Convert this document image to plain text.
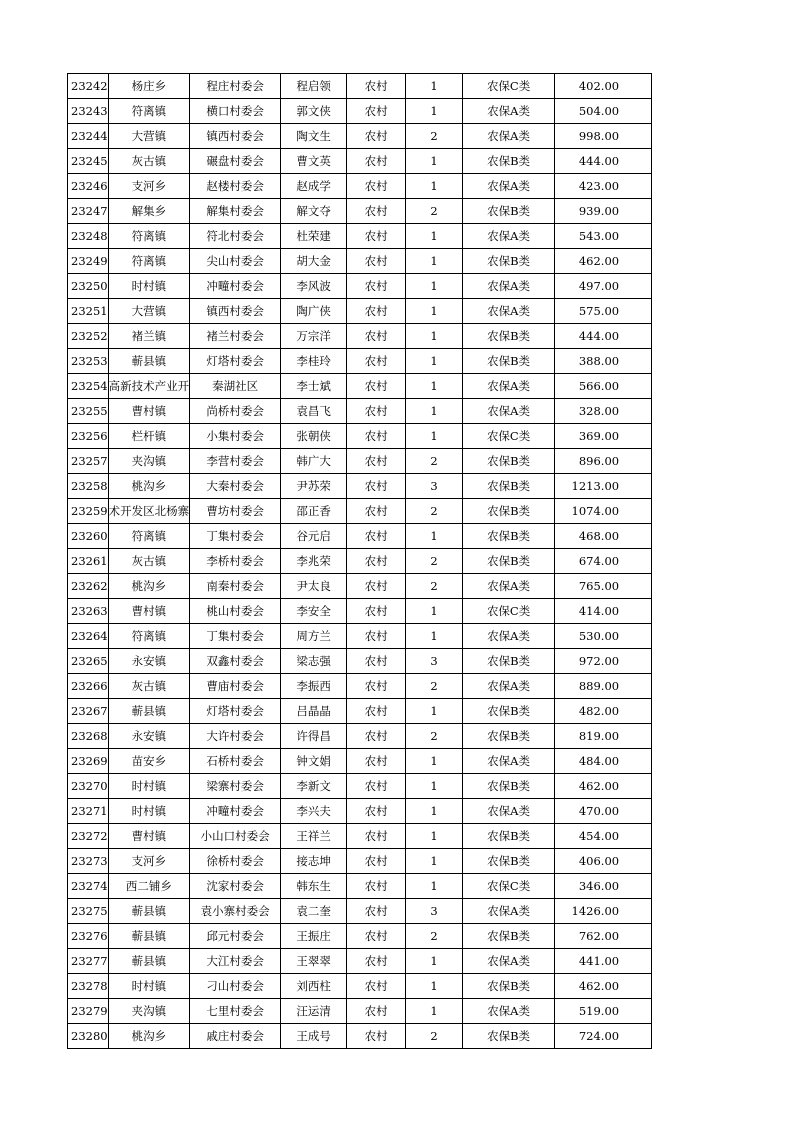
23242	杨庄乡	程庄村委会	程启领	农村	1	农保C类	402.00
23243	符离镇	横口村委会	郭文侠	农村	1	农保A类	504.00
23244	大营镇	镇西村委会	陶文生	农村	2	农保A类	998.00
23245	灰古镇	碾盘村委会	曹文英	农村	1	农保B类	444.00
23246	支河乡	赵楼村委会	赵成学	农村	1	农保A类	423.00
23247	解集乡	解集村委会	解文夺	农村	2	农保B类	939.00
23248	符离镇	符北村委会	杜荣建	农村	1	农保A类	543.00
23249	符离镇	尖山村委会	胡大金	农村	1	农保B类	462.00
23250	时村镇	冲疃村委会	李风波	农村	1	农保A类	497.00
23251	大营镇	镇西村委会	陶广侠	农村	1	农保A类	575.00
23252	褚兰镇	褚兰村委会	万宗洋	农村	1	农保B类	444.00
23253	蕲县镇	灯塔村委会	李桂玲	农村	1	农保B类	388.00
23254	高新技术产业开	秦湖社区	李士斌	农村	1	农保A类	566.00
23255	曹村镇	尚桥村委会	袁昌飞	农村	1	农保A类	328.00
23256	栏杆镇	小集村委会	张朝侠	农村	1	农保C类	369.00
23257	夹沟镇	李营村委会	韩广大	农村	2	农保B类	896.00
23258	桃沟乡	大秦村委会	尹苏荣	农村	3	农保B类	1213.00
23259	术开发区北杨寨	曹坊村委会	邵正香	农村	2	农保B类	1074.00
23260	符离镇	丁集村委会	谷元启	农村	1	农保B类	468.00
23261	灰古镇	李桥村委会	李兆荣	农村	2	农保B类	674.00
23262	桃沟乡	南秦村委会	尹太良	农村	2	农保A类	765.00
23263	曹村镇	桃山村委会	李安全	农村	1	农保C类	414.00
23264	符离镇	丁集村委会	周方兰	农村	1	农保A类	530.00
23265	永安镇	双鑫村委会	梁志强	农村	3	农保B类	972.00
23266	灰古镇	曹庙村委会	李振西	农村	2	农保A类	889.00
23267	蕲县镇	灯塔村委会	吕晶晶	农村	1	农保B类	482.00
23268	永安镇	大许村委会	许得昌	农村	2	农保B类	819.00
23269	苗安乡	石桥村委会	钟文娟	农村	1	农保A类	484.00
23270	时村镇	梁寨村委会	李新文	农村	1	农保B类	462.00
23271	时村镇	冲疃村委会	李兴夫	农村	1	农保A类	470.00
23272	曹村镇	小山口村委会	王祥兰	农村	1	农保B类	454.00
23273	支河乡	徐桥村委会	接志坤	农村	1	农保B类	406.00
23274	西二铺乡	沈家村委会	韩东生	农村	1	农保C类	346.00
23275	蕲县镇	袁小寨村委会	袁二奎	农村	3	农保A类	1426.00
23276	蕲县镇	邱元村委会	王振庄	农村	2	农保B类	762.00
23277	蕲县镇	大江村委会	王翠翠	农村	1	农保A类	441.00
23278	时村镇	刁山村委会	刘西柱	农村	1	农保B类	462.00
23279	夹沟镇	七里村委会	汪运清	农村	1	农保A类	519.00
23280	桃沟乡	戚庄村委会	王成号	农村	2	农保B类	724.00
